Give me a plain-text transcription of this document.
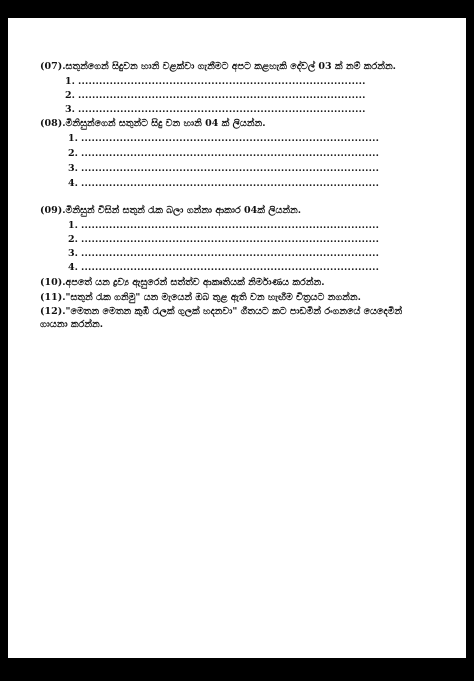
(07).සතුන්ගෙන් සිදුවන හානි වළක්වා ගැනීමට අපට කළහැකි දේවල් 03 ක් නම් කරන්න.
1. ..................................................................................
2. ..................................................................................
3. ..................................................................................
(08).මිනිසුන්ගෙන් සතුන්ට සිදු වන හානි 04 ක් ලියන්න.
1. .....................................................................................
2. .....................................................................................
3. .....................................................................................
4. .....................................................................................
(09).මිනිසුන් විසින් සතුන් රැක බලා ගන්නා ආකාර 04ක් ලියන්න.
1. .....................................................................................
2. .....................................................................................
3. .....................................................................................
4. .....................................................................................
(10).අපතේ යන ද්‍රව්‍ය ඇසුරෙන් සත්ත්ව ආකෘතියක් නිර්මාණය කරන්න.
(11)."සතුන් රැක ගනිමු" යන මැයෙන් ඔබ තුළ ඇති වන හැඟීම චිත්‍රයට නගන්න.
(12)."මෙතන මෙතන කුඹි රැලක් ගුලක් හදනවා" ගීතයට කට පාඩමින් රංගනයේ යෙදෙමින් ගායනා කරන්න.
